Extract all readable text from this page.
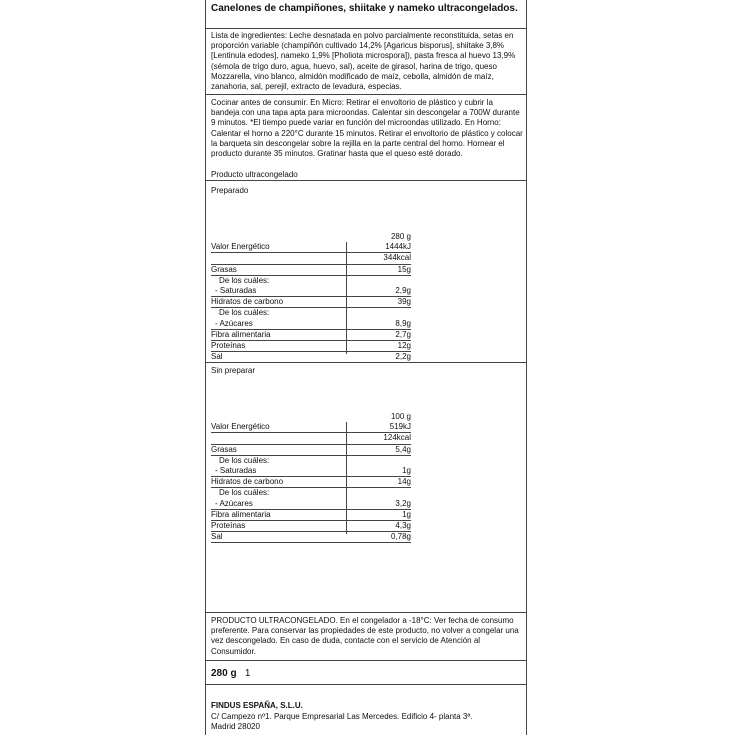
Canelones de champiñones, shiitake y nameko ultracongelados.

Lista de ingredientes: Leche desnatada en polvo parcialmente reconstituida, setas en proporción variable (champiñón cultivado 14,2% [Agaricus bisporus], shiitake 3,8% [Lentinula edodes], nameko 1,9% [Pholiota microspora]), pasta fresca al huevo 13,9% (sémola de trigo duro, agua, huevo, sal), aceite de girasol, harina de trigo, queso Mozzarella, vino blanco, almidón modificado de maíz, cebolla, almidón de maíz, zanahoria, sal, perejil, extracto de levadura, especias.

Cocinar antes de consumir. En Micro: Retirar el envoltorio de plástico y cubrir la bandeja con una tapa apta para microondas. Calentar sin descongelar a 700W durante 9 minutos. *El tiempo puede variar en función del microondas utilizado. En Horno: Calentar el horno a 220°C durante 15 minutos. Retirar el envoltorio de plástico y colocar la barqueta sin descongelar sobre la rejilla en la parte central del horno. Hornear el producto durante 35 minutos. Gratinar hasta que el queso esté dorado.

Producto ultracongelado

Preparado

280 g
Valor Energético	1444kJ
344kcal
Grasas	15g
De los cuáles:
- Saturadas	2,9g
Hidratos de carbono	39g
De los cuáles:
- Azúcares	8,9g
Fibra alimentaria	2,7g
Proteínas	12g
Sal	2,2g

Sin preparar

100 g
Valor Energético	519kJ
124kcal
Grasas	5,4g
De los cuáles:
- Saturadas	1g
Hidratos de carbono	14g
De los cuáles:
- Azúcares	3,2g
Fibra alimentaria	1g
Proteínas	4,3g
Sal	0,78g

PRODUCTO ULTRACONGELADO. En el congelador a -18°C: Ver fecha de consumo preferente. Para conservar las propiedades de este producto, no volver a congelar una vez descongelado. En caso de duda, contacte con el servicio de Atención al Consumidor.

280 g 1

FINDUS ESPAÑA, S.L.U.

C/ Campezo nº1. Parque Empresarial Las Mercedes. Edificio 4- planta 3ª.

Madrid 28020
